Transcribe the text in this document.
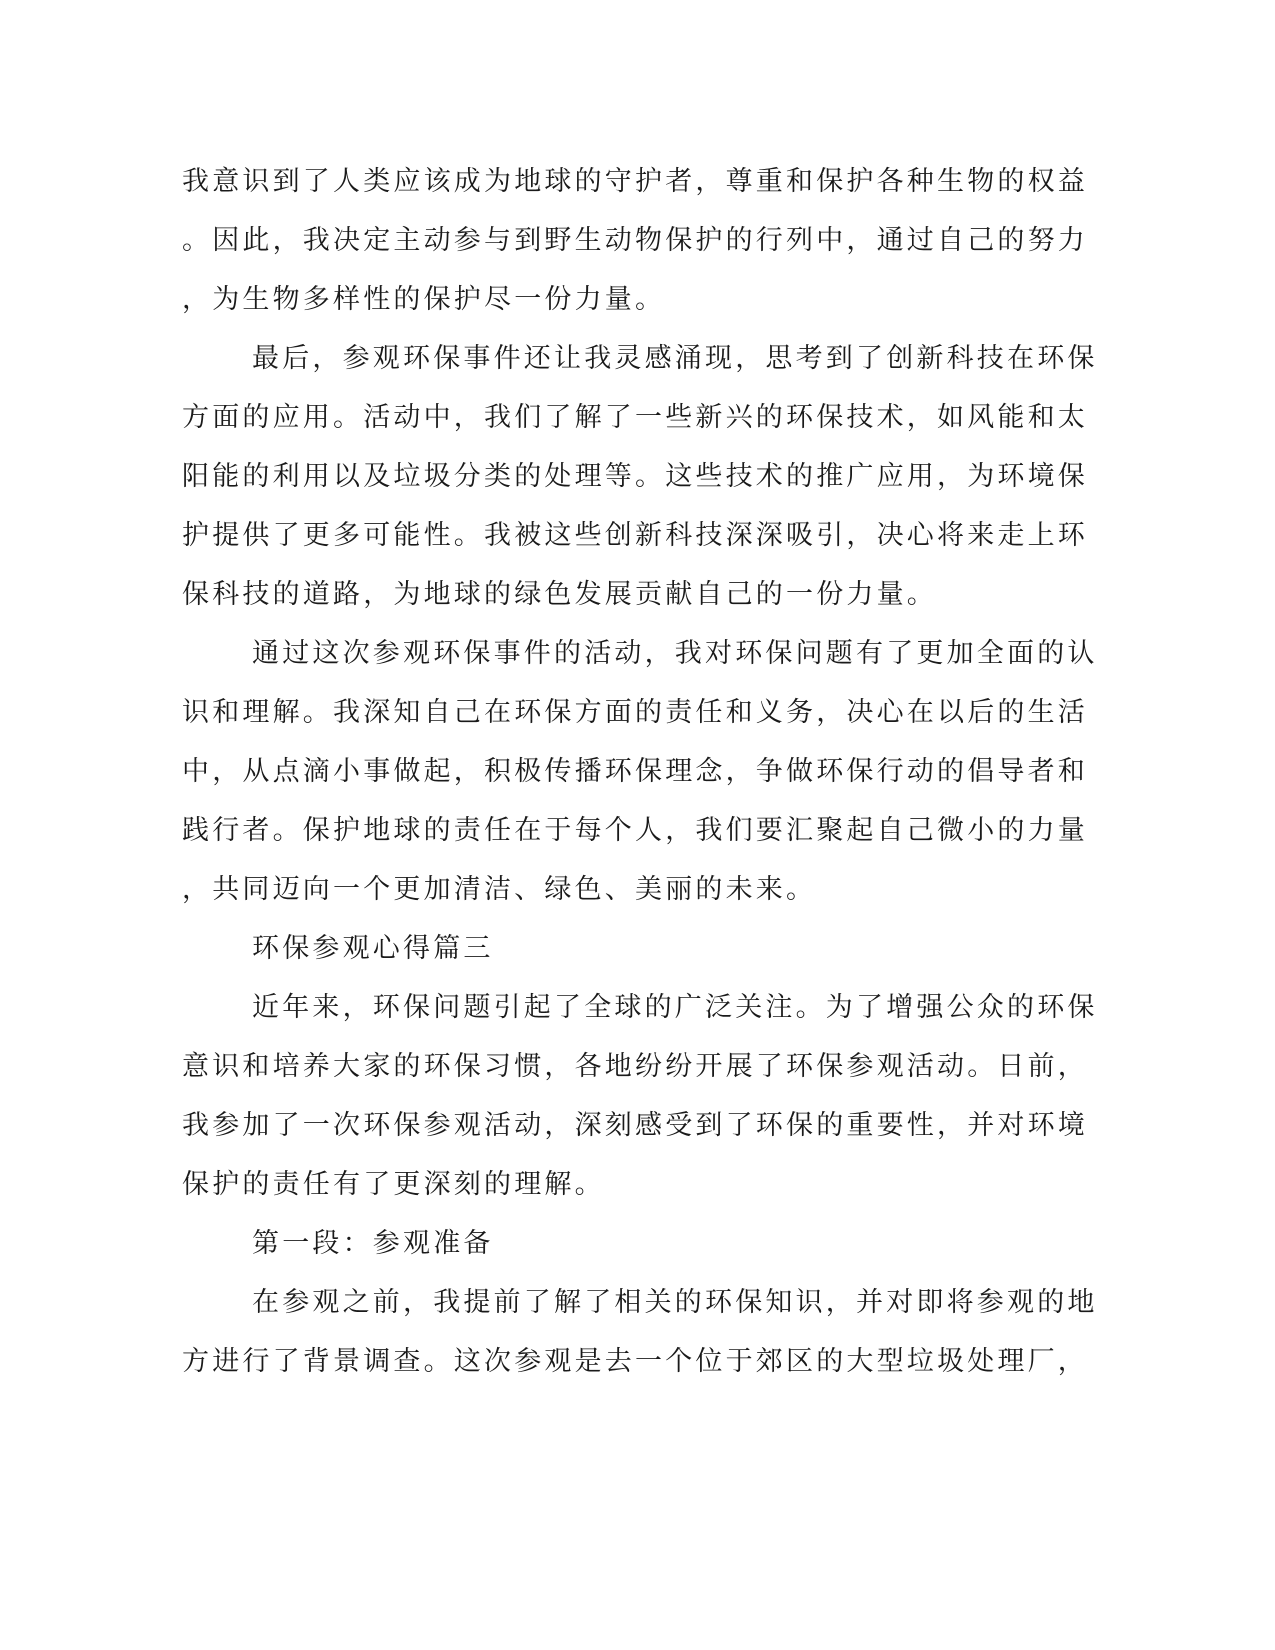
我意识到了人类应该成为地球的守护者，尊重和保护各种生物的权益
。因此，我决定主动参与到野生动物保护的行列中，通过自己的努力
，为生物多样性的保护尽一份力量。
最后，参观环保事件还让我灵感涌现，思考到了创新科技在环保
方面的应用。活动中，我们了解了一些新兴的环保技术，如风能和太
阳能的利用以及垃圾分类的处理等。这些技术的推广应用，为环境保
护提供了更多可能性。我被这些创新科技深深吸引，决心将来走上环
保科技的道路，为地球的绿色发展贡献自己的一份力量。
通过这次参观环保事件的活动，我对环保问题有了更加全面的认
识和理解。我深知自己在环保方面的责任和义务，决心在以后的生活
中，从点滴小事做起，积极传播环保理念，争做环保行动的倡导者和
践行者。保护地球的责任在于每个人，我们要汇聚起自己微小的力量
，共同迈向一个更加清洁、绿色、美丽的未来。
环保参观心得篇三
近年来，环保问题引起了全球的广泛关注。为了增强公众的环保
意识和培养大家的环保习惯，各地纷纷开展了环保参观活动。日前，
我参加了一次环保参观活动，深刻感受到了环保的重要性，并对环境
保护的责任有了更深刻的理解。
第一段：参观准备
在参观之前，我提前了解了相关的环保知识，并对即将参观的地
方进行了背景调查。这次参观是去一个位于郊区的大型垃圾处理厂，
